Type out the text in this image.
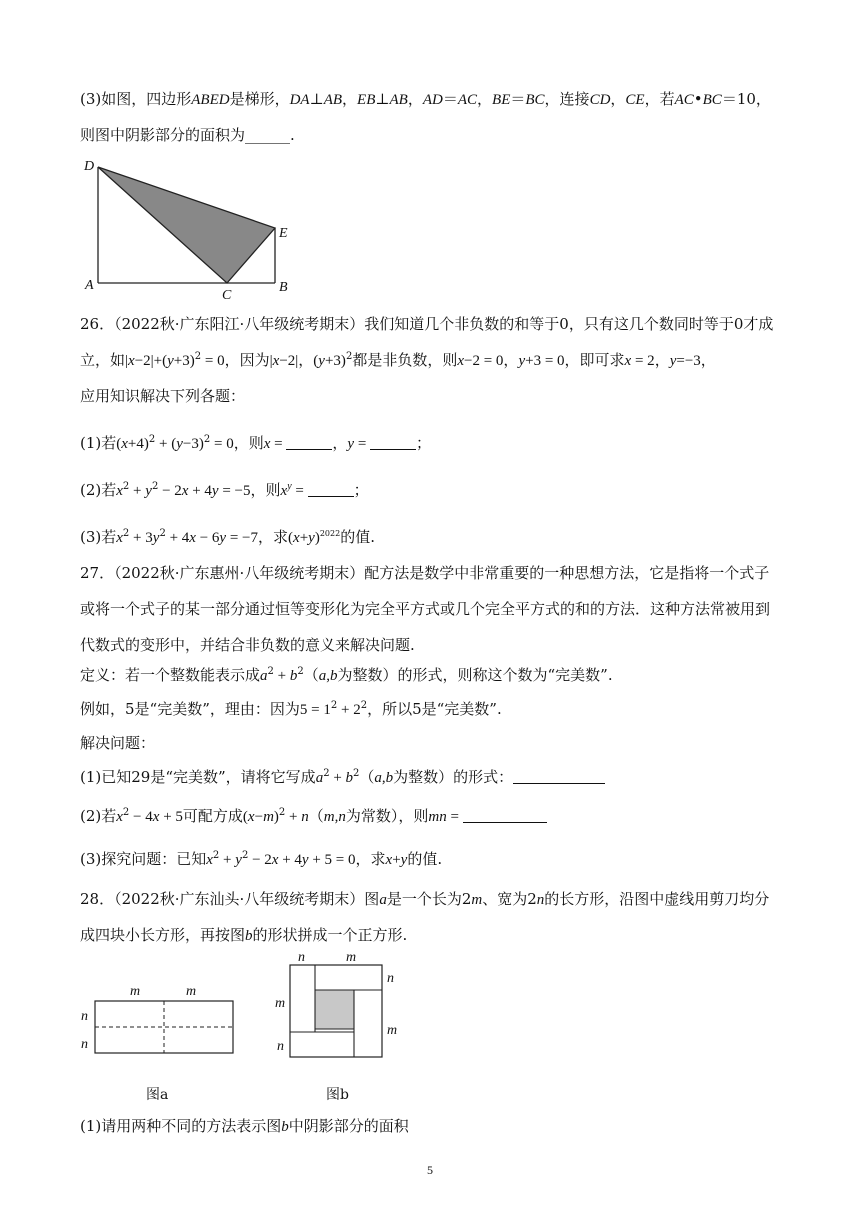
(3)如图，四边形ABED是梯形，DA⊥AB，EB⊥AB，AD＝AC，BE＝BC，连接CD，CE，若AC•BC＝10，
则图中阴影部分的面积为______.
D
E
A
C
B
26．（2022秋·广东阳江·八年级统考期末）我们知道几个非负数的和等于0，只有这几个数同时等于0才成
立，如$|x-2|+(y+3)^2 = 0$，因为|x−2|，$(y+3)^2$都是非负数，则x−2 = 0，y+3 = 0，即可求x = 2，y=−3，
应用知识解决下列各题：
(1)若$(x+4)^2 + (y-3)^2 = 0$，则x =	，y =	；
(2)若$x^2 + y^2 - 2x + 4y = -5$，则$x^y$ =	；
(3)若$x^2 + 3y^2 + 4x - 6y = -7$，求$(x+y)^{2022}$的值.
27．（2022秋·广东惠州·八年级统考期末）配方法是数学中非常重要的一种思想方法，它是指将一个式子
或将一个式子的某一部分通过恒等变形化为完全平方式或几个完全平方式的和的方法．这种方法常被用到
代数式的变形中，并结合非负数的意义来解决问题.
定义：若一个整数能表示成$a^2 + b^2(a,b$为整数）的形式，则称这个数为“完美数”.
例如，5是“完美数”，理由：因为$5 = 1^2 + 2^2$，所以5是“完美数”.
解决问题：
(1)已知29是“完美数”，请将它写成$a^2 + b^2(a,b$为整数）的形式：
(2)若$x^2 - 4x + 5$可配方成$(x-m)^2 + n(m,n$为常数），则mn =
(3)探究问题：已知$x^2 + y^2 - 2x + 4y + 5 = 0$，求x+y的值.
28．（2022秋·广东汕头·八年级统考期末）图a是一个长为2m、宽为2n的长方形，沿图中虚线用剪刀均分
成四块小长方形，再按图b的形状拼成一个正方形.
m	m
n
n
图a
n	m
m
n
n
m
图b
(1)请用两种不同的方法表示图b中阴影部分的面积
5
